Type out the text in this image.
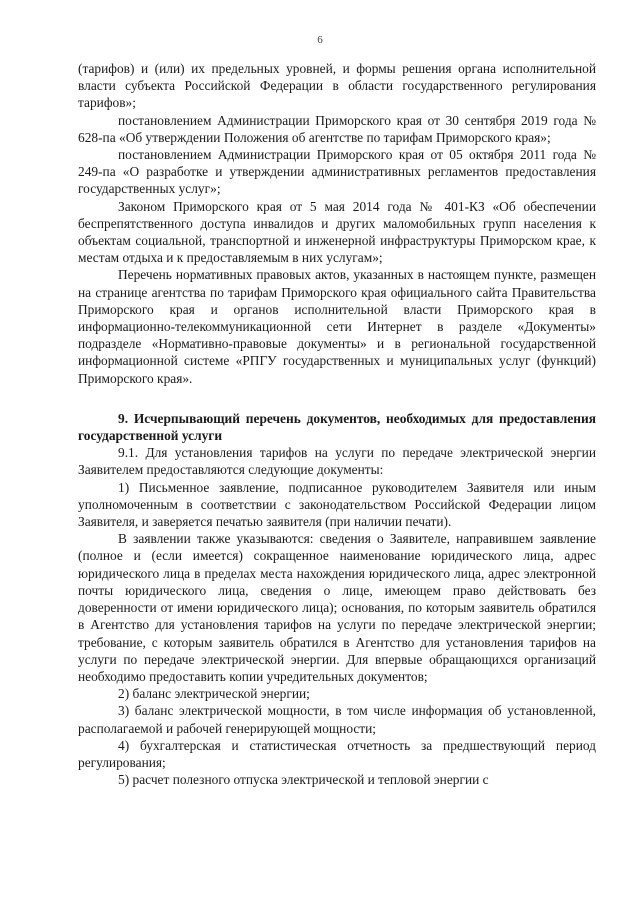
6

(тарифов) и (или) их предельных уровней, и формы решения органа исполнительной власти субъекта Российской Федерации в области государственного регулирования тарифов»;

постановлением Администрации Приморского края от 30 сентября 2019 года № 628-па «Об утверждении Положения об агентстве по тарифам Приморского края»;

постановлением Администрации Приморского края от 05 октября 2011 года № 249-па «О разработке и утверждении административных регламентов предоставления государственных услуг»;

Законом Приморского края от 5 мая 2014 года № 401-КЗ «Об обеспечении беспрепятственного доступа инвалидов и других маломобильных групп населения к объектам социальной, транспортной и инженерной инфраструктуры Приморском крае, к местам отдыха и к предоставляемым в них услугам»;

Перечень нормативных правовых актов, указанных в настоящем пункте, размещен на странице агентства по тарифам Приморского края официального сайта Правительства Приморского края и органов исполнительной власти Приморского края в информационно-телекоммуникационной сети Интернет в разделе «Документы» подразделе «Нормативно-правовые документы» и в региональной государственной информационной системе «РПГУ государственных и муниципальных услуг (функций) Приморского края».

9. Исчерпывающий перечень документов, необходимых для предоставления государственной услуги

9.1. Для установления тарифов на услуги по передаче электрической энергии Заявителем предоставляются следующие документы:

1) Письменное заявление, подписанное руководителем Заявителя или иным уполномоченным в соответствии с законодательством Российской Федерации лицом Заявителя, и заверяется печатью заявителя (при наличии печати).

В заявлении также указываются: сведения о Заявителе, направившем заявление (полное и (если имеется) сокращенное наименование юридического лица, адрес юридического лица в пределах места нахождения юридического лица, адрес электронной почты юридического лица, сведения о лице, имеющем право действовать без доверенности от имени юридического лица); основания, по которым заявитель обратился в Агентство для установления тарифов на услуги по передаче электрической энергии; требование, с которым заявитель обратился в Агентство для установления тарифов на услуги по передаче электрической энергии. Для впервые обращающихся организаций необходимо предоставить копии учредительных документов;

2) баланс электрической энергии;

3) баланс электрической мощности, в том числе информация об установленной, располагаемой и рабочей генерирующей мощности;

4) бухгалтерская и статистическая отчетность за предшествующий период регулирования;

5) расчет полезного отпуска электрической и тепловой энергии с
